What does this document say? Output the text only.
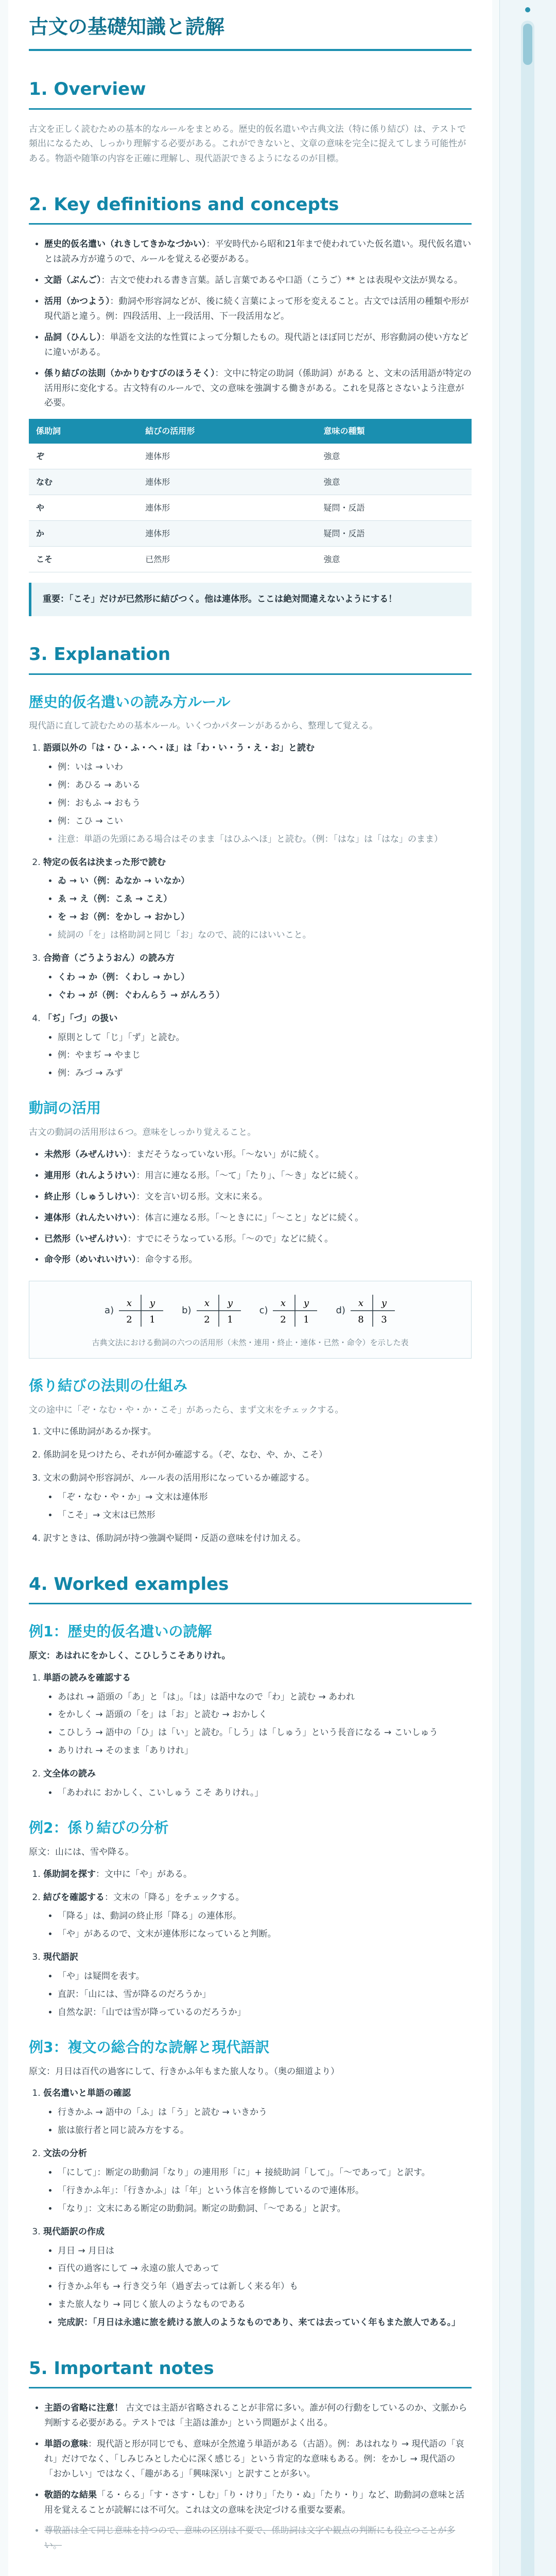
古文の基礎知識と読解
1. Overview

古文を正しく読むための基本的なルールをまとめる。歴史的仮名遣いや古典文法（特に係り結び）は、テストで頻出になるため、しっかり理解する必要がある。これができないと、文章の意味を完全に捉えてしまう可能性がある。物語や随筆の内容を正確に理解し、現代語訳できるようになるのが目標。

2. Key definitions and concepts
• 歴史的仮名遣い（れきしてきかなづかい）：平安時代から昭和21年まで使われていた仮名遣い。現代仮名遣いとは読み方が違うので、ルールを覚える必要がある。
• 文語（ぶんご）：古文で使われる書き言葉。話し言葉であるや口語（こうご）** とは表現や文法が異なる。
• 活用（かつよう）：動詞や形容詞などが、後に続く言葉によって形を変えること。古文では活用の種類や形が現代語と違う。例：四段活用、上一段活用、下一段活用など。
• 品詞（ひんし）：単語を文法的な性質によって分類したもの。現代語とほぼ同じだが、形容動詞の使い方などに違いがある。
• 係り結びの法則（かかりむすびのほうそく）：文中に特定の助詞（係助詞）がある と、文末の活用語が特定の活用形に変化する。古文特有のルールで、文の意味を強調する働きがある。これを見落とさないよう注意が必要。
係助詞	結びの活用形	意味の種類
ぞ	連体形	強意
なむ	連体形	強意
や	連体形	疑問・反語
か	連体形	疑問・反語
こそ	已然形	強意
重要：「こそ」だけが已然形に結びつく。他は連体形。ここは絶対間違えないようにする！
3. Explanation
歴史的仮名遣いの読み方ルール

現代語に直して読むための基本ルール。いくつかパターンがあるから、整理して覚える。

1. 語頭以外の「は・ひ・ふ・へ・ほ」は「わ・い・う・え・お」と読む
• 例：いは → いわ
• 例：あひる → あいる
• 例：おもふ → おもう
• 例：こひ → こい
• 注意：単語の先頭にある場合はそのまま「はひふへほ」と読む。（例：「はな」は「はな」のまま）
2. 特定の仮名は決まった形で読む
• ゐ → い（例：ゐなか → いなか）
• ゑ → え（例：こゑ → こえ）
• を → お（例：をかし → おかし）
• 続詞の「を」は格助詞と同じ「お」なので、読的にはいいこと。
3. 合拗音（ごうようおん）の読み方
• くわ → か（例：くわし → かし）
• ぐわ → が（例：ぐわんらう → がんろう）
4. 「ぢ」「づ」の扱い
• 原則として「じ」「ず」と読む。
• 例：やまぢ → やまじ
• 例：みづ → みず
動詞の活用

古文の動詞の活用形は６つ。意味をしっかり覚えること。

• 未然形（みぜんけい）：まだそうなっていない形。「〜ない」がに続く。
• 連用形（れんようけい）：用言に連なる形。「〜て」「たり」、「〜き」などに続く。
• 終止形（しゅうしけい）：文を言い切る形。文末に来る。
• 連体形（れんたいけい）：体言に連なる形。「〜ときにに」「〜こと」などに続く。
• 已然形（いぜんけい）：すでにそうなっている形。「〜ので」などに続く。
• 命令形（めいれいけい）：命令する形。
a)
x y
2 1
b)
x y
2 1
c)
x y
2 1
d)
x y
8 3
古典文法における動詞の六つの活用形（未然・連用・終止・連体・已然・命令）を示した表
係り結びの法則の仕組み

文の途中に「ぞ・なむ・や・か・こそ」があったら、まず文末をチェックする。

1. 文中に係助詞があるか探す。
2. 係助詞を見つけたら、それが何か確認する。（ぞ、なむ、や、か、こそ）
3. 文末の動詞や形容詞が、ルール表の活用形になっているか確認する。
• 「ぞ・なむ・や・か」→ 文末は連体形
• 「こそ」→ 文末は已然形
4. 訳すときは、係助詞が持つ強調や疑問・反語の意味を付け加える。
4. Worked examples
例1：歴史的仮名遣いの読解

原文：あはれにをかしく、こひしうこそありけれ。

1. 単語の読みを確認する
• あはれ → 語頭の「あ」と「は」。「は」は語中なので「わ」と読む → あわれ
• をかしく → 語頭の「を」は「お」と読む → おかしく
• こひしう → 語中の「ひ」は「い」と読む。「しう」は「しゅう」という長音になる → こいしゅう
• ありけれ → そのまま「ありけれ」
2. 文全体の読み
• 「あわれに おかしく、こいしゅう こそ ありけれ。」
例2：係り結びの分析

原文：山には、雪や降る。

1. 係助詞を探す：文中に「や」がある。
2. 結びを確認する：文末の「降る」をチェックする。
• 「降る」は、動詞の終止形「降る」の連体形。
• 「や」があるので、文末が連体形になっていると判断。
3. 現代語訳
• 「や」は疑問を表す。
• 直訳：「山には、雪が降るのだろうか」
• 自然な訳：「山では雪が降っているのだろうか」
例3：複文の総合的な読解と現代語訳

原文：月日は百代の過客にして、行きかふ年もまた旅人なり。（奥の細道より）

1. 仮名遣いと単語の確認
• 行きかふ → 語中の「ふ」は「う」と読む → いきかう
• 旅は旅行者と同じ読み方をする。
2. 文法の分析
• 「にして」：断定の助動詞「なり」の連用形「に」+ 接続助詞「して」。「〜であって」と訳す。
• 「行きかふ年」：「行きかふ」は「年」という体言を修飾しているので連体形。
• 「なり」：文末にある断定の助動詞。断定の助動詞、「〜である」と訳す。
3. 現代語訳の作成
• 月日 → 月日は
• 百代の過客にして → 永遠の旅人であって
• 行きかふ年も → 行き交う年（過ぎ去っては新しく来る年）も
• また旅人なり → 同じく旅人のようなものである
• 完成訳：「月日は永遠に旅を続ける旅人のようなものであり、来ては去っていく年もまた旅人である。」
5. Important notes
• 主語の省略に注意！ 古文では主語が省略されることが非常に多い。誰が何の行動をしているのか、文脈から判断する必要がある。テストでは「主語は誰か」という問題がよく出る。
• 単語の意味：現代語と形が同じでも、意味が全然違う単語がある（古語）。例：あはれなり → 現代語の「哀れ」だけでなく、「しみじみとした心に深く感じる」という肯定的な意味もある。例：をかし → 現代語の「おかしい」ではなく、「趣がある」「興味深い」と訳すことが多い。
• 敬語的な結果「る・らる」「す・さす・しむ」「り・けり」「たり・ぬ」「たり・り」など、助動詞の意味と活用を覚えることが読解には不可欠。これは文の意味を決定づける重要な要素。
• 尊敬語は全て同じ意味を持つので、意味の区別は不要で、係助詞は文字や観点の判断にも役立つことが多い。
